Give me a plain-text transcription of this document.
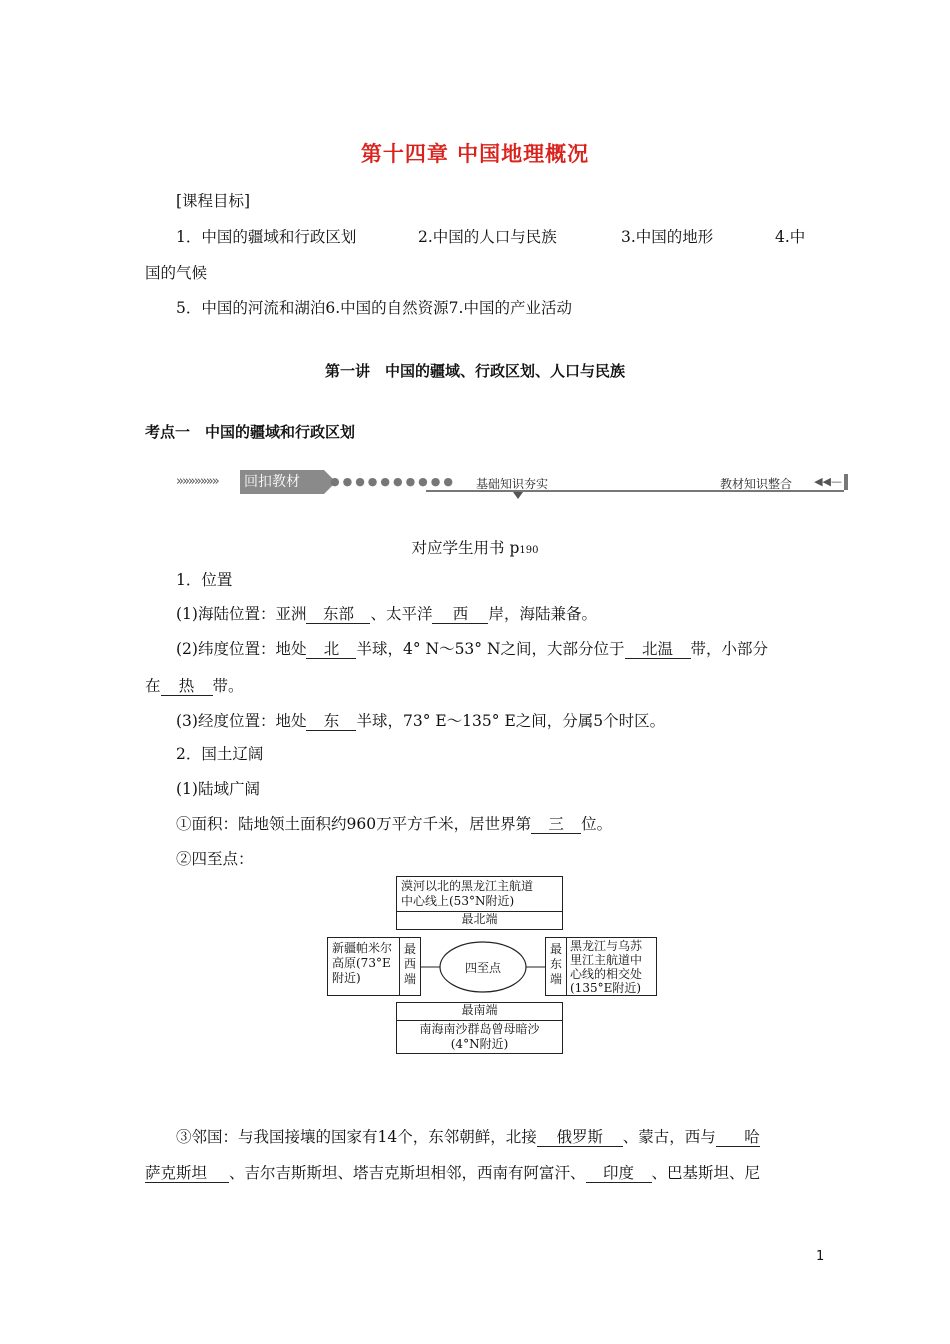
第十四章 中国地理概况
[课程目标]
1．中国的疆域和行政区划	2.中国的人口与民族	3.中国的地形	4.中
国的气候
5．中国的河流和湖泊6.中国的自然资源7.中国的产业活动
第一讲　中国的疆域、行政区划、人口与民族
考点一　中国的疆域和行政区划
»»»»»»» 回扣教材	●●●●●●●●●● 基础知识夯实	教材知识整合 ◀◀—
对应学生用书 p190
1．位置
(1)海陆位置：亚洲 东部 、太平洋 西 岸，海陆兼备。
(2)纬度位置：地处 北 半球，4° N～53° N之间，大部分位于 北温 带，小部分
在 热 带。
(3)经度位置：地处 东 半球，73° E～135° E之间，分属5个时区。
2．国土辽阔
(1)陆域广阔
①面积：陆地领土面积约960万平方千米，居世界第 三 位。
②四至点：
漠河以北的黑龙江主航道
中心线上(53°N附近)
最北端
新疆帕米尔
高原(73°E
附近)
最
西
端
四至点
最
东
端
黑龙江与乌苏
里江主航道中
心线的相交处
(135°E附近)
最南端
南海南沙群岛曾母暗沙
(4°N附近)
③邻国：与我国接壤的国家有14个，东邻朝鲜，北接 俄罗斯 、蒙古，西与 哈
萨克斯坦 、吉尔吉斯斯坦、塔吉克斯坦相邻，西南有阿富汗、 印度 、巴基斯坦、尼
1
